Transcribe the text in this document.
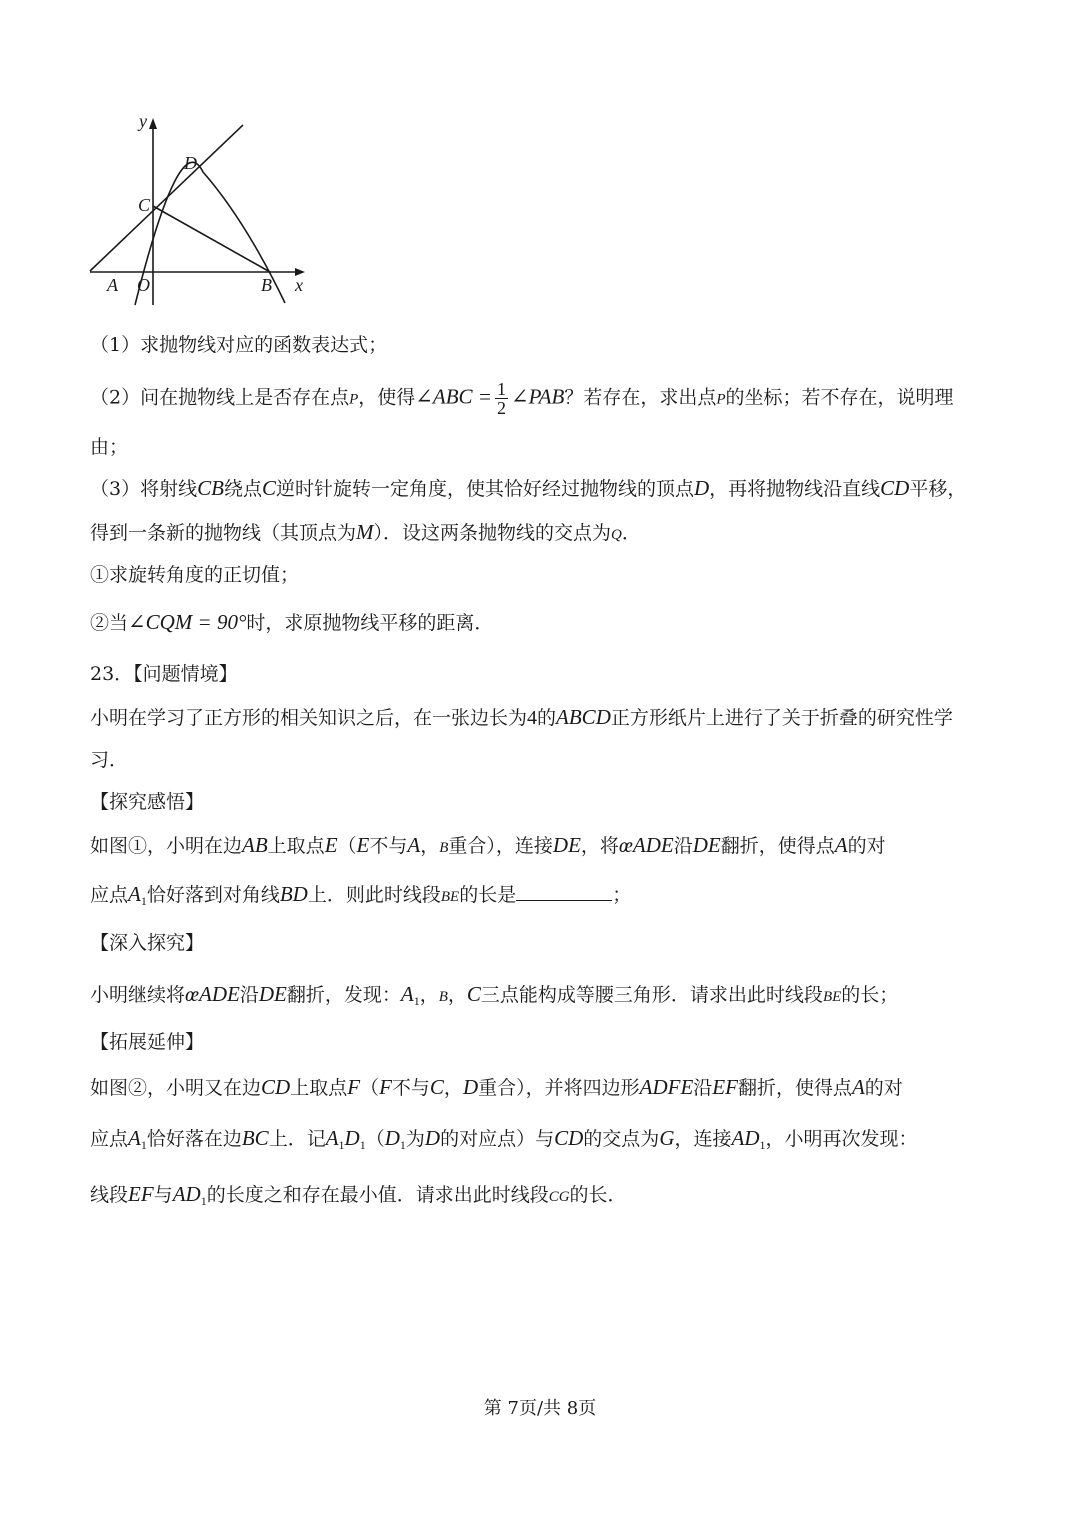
y
D
C
A O	B x
（1）求抛物线对应的函数表达式；
（2）问在抛物线上是否存在点P，使得∠ABC = $\frac{1}{2}$ ∠PAB？若存在，求出点P的坐标；若不存在，说明理
由；
（3）将射线CB绕点C逆时针旋转一定角度，使其恰好经过抛物线的顶点D，再将抛物线沿直线CD平移，
得到一条新的抛物线（其顶点为M）．设这两条抛物线的交点为Q．
①求旋转角度的正切值；
②当∠CQM = 90°时，求原抛物线平移的距离．
23．【问题情境】
小明在学习了正方形的相关知识之后，在一张边长为4的ABCD正方形纸片上进行了关于折叠的研究性学
习．
【探究感悟】
如图①，小明在边AB上取点E（E不与A，B重合），连接DE，将œADE沿DE翻折，使得点A的对
应点$A_1$恰好落到对角线BD上．则此时线段BE的长是	；
【深入探究】
小明继续将œADE沿DE翻折，发现：$A_1$，B，C三点能构成等腰三角形．请求出此时线段BE的长；
【拓展延伸】
如图②，小明又在边CD上取点F（F不与C，D重合），并将四边形ADFE沿EF翻折，使得点A的对
应点$A_1$恰好落在边BC上．记$A_1D_1(D_1$为D的对应点）与CD的交点为G，连接$AD_1$，小明再次发现：
线段EF与$AD_1$的长度之和存在最小值．请求出此时线段CG的长．
第 7页/共 8页
